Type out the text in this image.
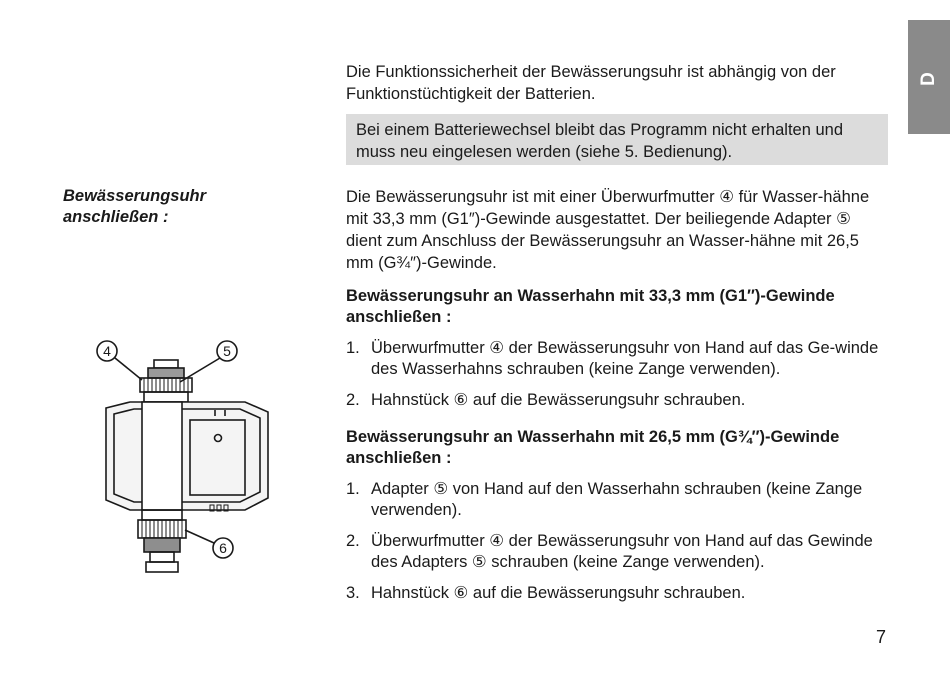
D

Die Funktionssicherheit der Bewässerungsuhr ist abhängig von der Funktionstüchtigkeit der Batterien.

Bei einem Batteriewechsel bleibt das Programm nicht erhalten und muss neu eingelesen werden (siehe 5. Bedienung).

Bewässerungsuhr
anschließen :

Die Bewässerungsuhr ist mit einer Überwurfmutter ④ für Wasser-hähne mit 33,3 mm (G1″)-Gewinde ausgestattet. Der beiliegende Adapter ⑤ dient zum Anschluss der Bewässerungsuhr an Wasser-hähne mit 26,5 mm (G¾″)-Gewinde.

Bewässerungsuhr an Wasserhahn mit 33,3 mm (G1″)-Gewinde anschließen :
1. Überwurfmutter ④ der Bewässerungsuhr von Hand auf das Ge-winde des Wasserhahns schrauben (keine Zange verwenden).
2. Hahnstück ⑥ auf die Bewässerungsuhr schrauben.
Bewässerungsuhr an Wasserhahn mit 26,5 mm (G¾″)-Gewinde anschließen :
1. Adapter ⑤ von Hand auf den Wasserhahn schrauben (keine Zange verwenden).
2. Überwurfmutter ④ der Bewässerungsuhr von Hand auf das Gewinde des Adapters ⑤ schrauben (keine Zange verwenden).
3. Hahnstück ⑥ auf die Bewässerungsuhr schrauben.
4	5
6
7
